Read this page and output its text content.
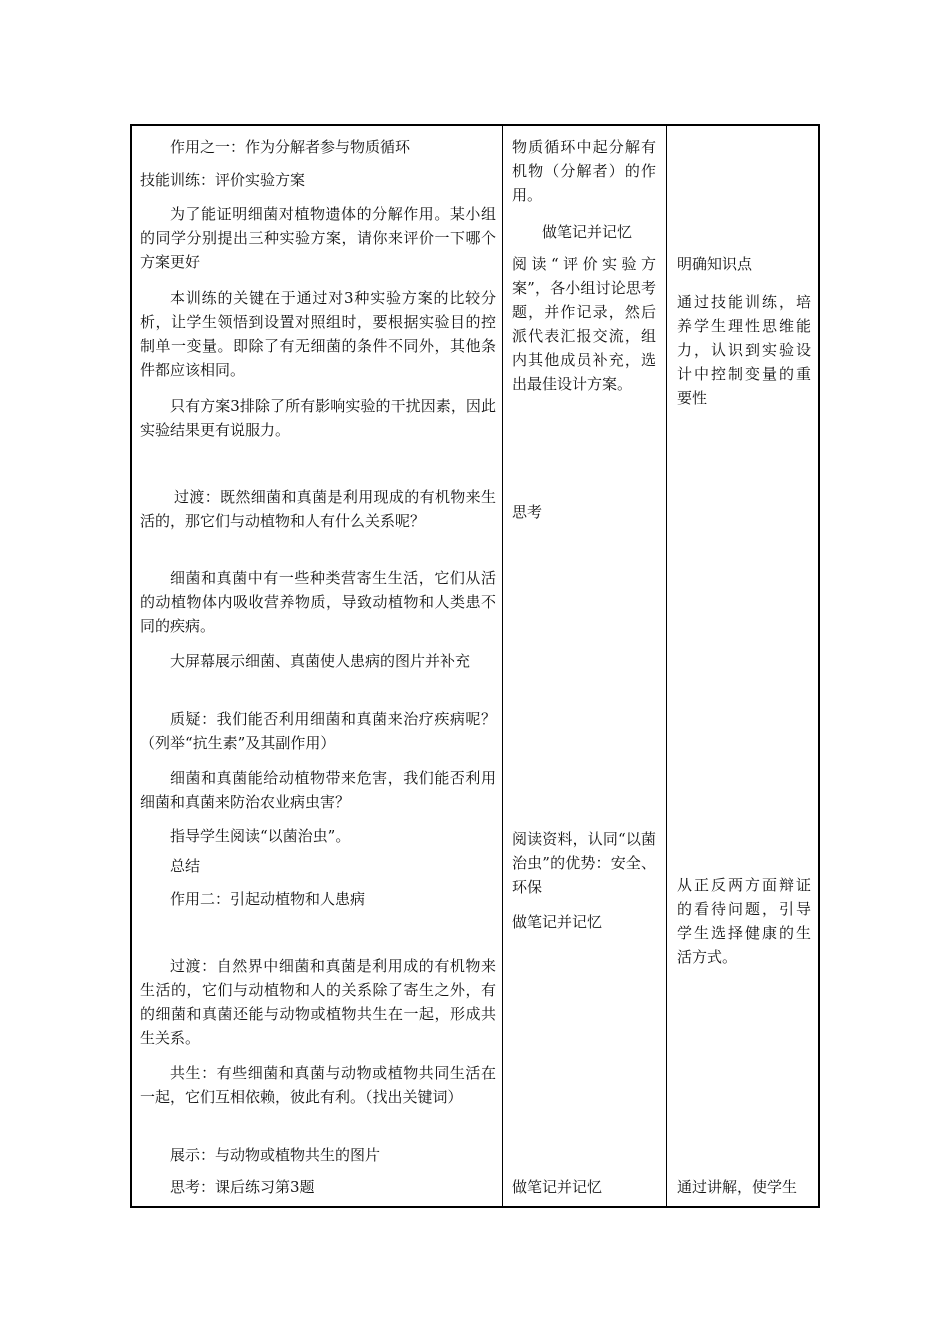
作用之一：作为分解者参与物质循环

技能训练：评价实验方案

为了能证明细菌对植物遗体的分解作用。某小组的同学分别提出三种实验方案，请你来评价一下哪个方案更好

本训练的关键在于通过对3种实验方案的比较分析，让学生领悟到设置对照组时，要根据实验目的控制单一变量。即除了有无细菌的条件不同外，其他条件都应该相同。

只有方案3排除了所有影响实验的干扰因素，因此实验结果更有说服力。

过渡：既然细菌和真菌是利用现成的有机物来生活的，那它们与动植物和人有什么关系呢？

细菌和真菌中有一些种类营寄生生活，它们从活的动植物体内吸收营养物质，导致动植物和人类患不同的疾病。

大屏幕展示细菌、真菌使人患病的图片并补充

质疑：我们能否利用细菌和真菌来治疗疾病呢？（列举“抗生素”及其副作用）

细菌和真菌能给动植物带来危害，我们能否利用细菌和真菌来防治农业病虫害？

指导学生阅读“以菌治虫”。

总结

作用二：引起动植物和人患病

过渡：自然界中细菌和真菌是利用成的有机物来生活的，它们与动植物和人的关系除了寄生之外，有的细菌和真菌还能与动物或植物共生在一起，形成共生关系。

共生：有些细菌和真菌与动物或植物共同生活在一起，它们互相依赖，彼此有利。（找出关键词）

展示：与动物或植物共生的图片

思考：课后练习第3题

物质循环中起分解有机物（分解者）的作用。

做笔记并记忆

阅读“评价实验方案”，各小组讨论思考题，并作记录，然后派代表汇报交流，组内其他成员补充，选出最佳设计方案。

思考

阅读资料，认同“以菌治虫”的优势：安全、环保

做笔记并记忆

做笔记并记忆

明确知识点

通过技能训练，培养学生理性思维能力，认识到实验设计中控制变量的重要性

从正反两方面辩证的看待问题，引导学生选择健康的生活方式。

通过讲解，使学生
